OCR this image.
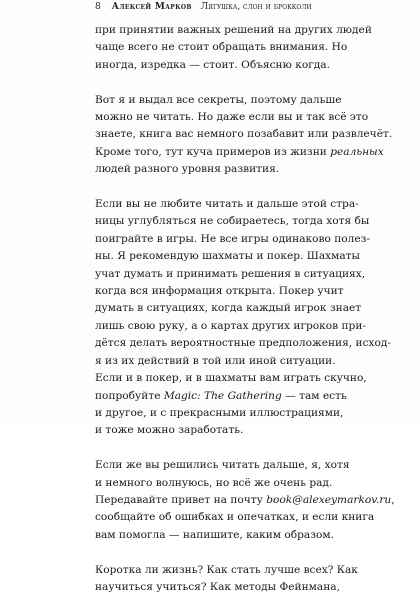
8 Алексей Марков Лягушка, слон и брокколи

при принятии важных решений на других людей
чаще всего не стоит обращать внимания. Но
иногда, изредка — стоит. Объясню когда.

Вот я и выдал все секреты, поэтому дальше
можно не читать. Но даже если вы и так всё это
знаете, книга вас немного позабавит или развлечёт.
Кроме того, тут куча примеров из жизни реальных
людей разного уровня развития.

Если вы не любите читать и дальше этой стра-
ницы углубляться не собираетесь, тогда хотя бы
поиграйте в игры. Не все игры одинаково полез-
ны. Я рекомендую шахматы и покер. Шахматы
учат думать и принимать решения в ситуациях,
когда вся информация открыта. Покер учит
думать в ситуациях, когда каждый игрок знает
лишь свою руку, а о картах других игроков при-
дётся делать вероятностные предположения, исход-
я из их действий в той или иной ситуации.
Если и в покер, и в шахматы вам играть скучно,
попробуйте Magic: The Gathering — там есть
и другое, и с прекрасными иллюстрациями,
и тоже можно заработать.

Если же вы решились читать дальше, я, хотя
и немного волнуюсь, но всё же очень рад.
Передавайте привет на почту book@alexeymarkov.ru,
сообщайте об ошибках и опечатках, и если книга
вам помогла — напишите, каким образом.

Коротка ли жизнь? Как стать лучше всех? Как
научиться учиться? Как методы Фейнмана,
